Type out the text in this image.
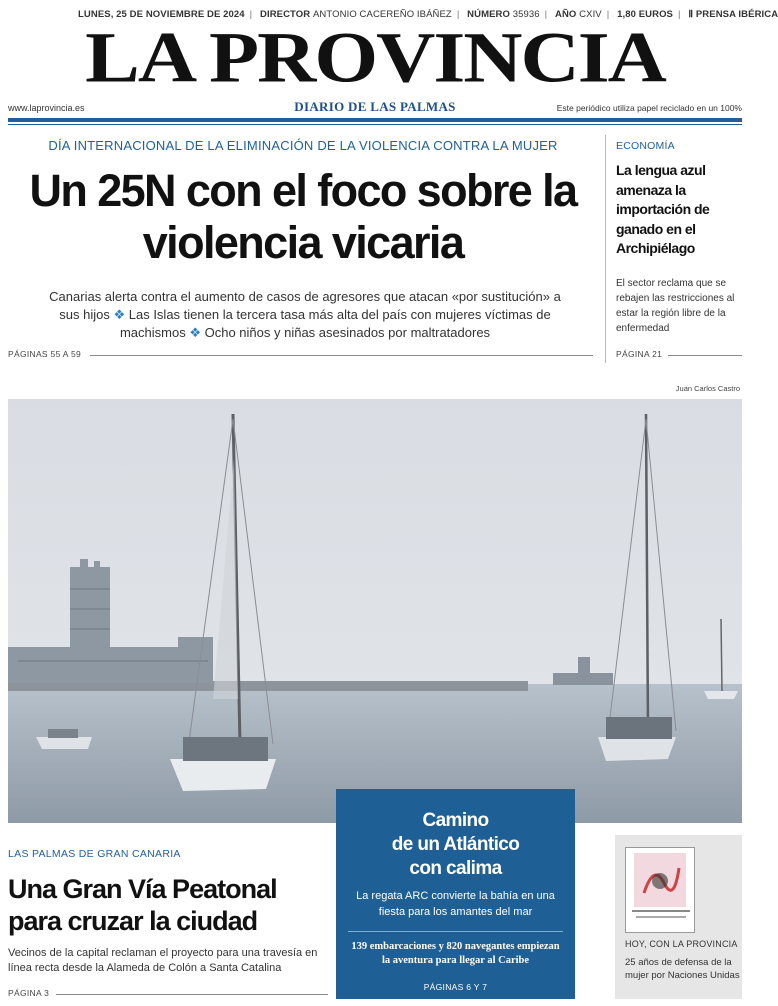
LUNES, 25 DE NOVIEMBRE DE 2024 | DIRECTOR ANTONIO CACEREÑO IBÁÑEZ | NÚMERO 35936 | AÑO CXIV | 1,80 EUROS | Ⅱ PRENSA IBÉRICA
LA PROVINCIA
www.laprovincia.es	DIARIO DE LAS PALMAS	Este periódico utiliza papel reciclado en un 100%
DÍA INTERNACIONAL DE LA ELIMINACIÓN DE LA VIOLENCIA CONTRA LA MUJER
Un 25N con el foco sobre la violencia vicaria
Canarias alerta contra el aumento de casos de agresores que atacan «por sustitución» a sus hijos ❖ Las Islas tienen la tercera tasa más alta del país con mujeres víctimas de machismos ❖ Ocho niños y niñas asesinados por maltratadores
PÁGINAS 55 A 59
ECONOMÍA
La lengua azul amenaza la importación de ganado en el Archipiélago
El sector reclama que se rebajen las restricciones al estar la región libre de la enfermedad
PÁGINA 21
Juan Carlos Castro
LAS PALMAS DE GRAN CANARIA
Una Gran Vía Peatonal para cruzar la ciudad
Vecinos de la capital reclaman el proyecto para una travesía en línea recta desde la Alameda de Colón a Santa Catalina
PÁGINA 3
Camino
de un Atlántico
con calima
La regata ARC convierte la bahía en una fiesta para los amantes del mar
139 embarcaciones y 820 navegantes empiezan la aventura para llegar al Caribe
PÁGINAS 6 Y 7
HOY, CON LA PROVINCIA
25 años de defensa de la mujer por Naciones Unidas
